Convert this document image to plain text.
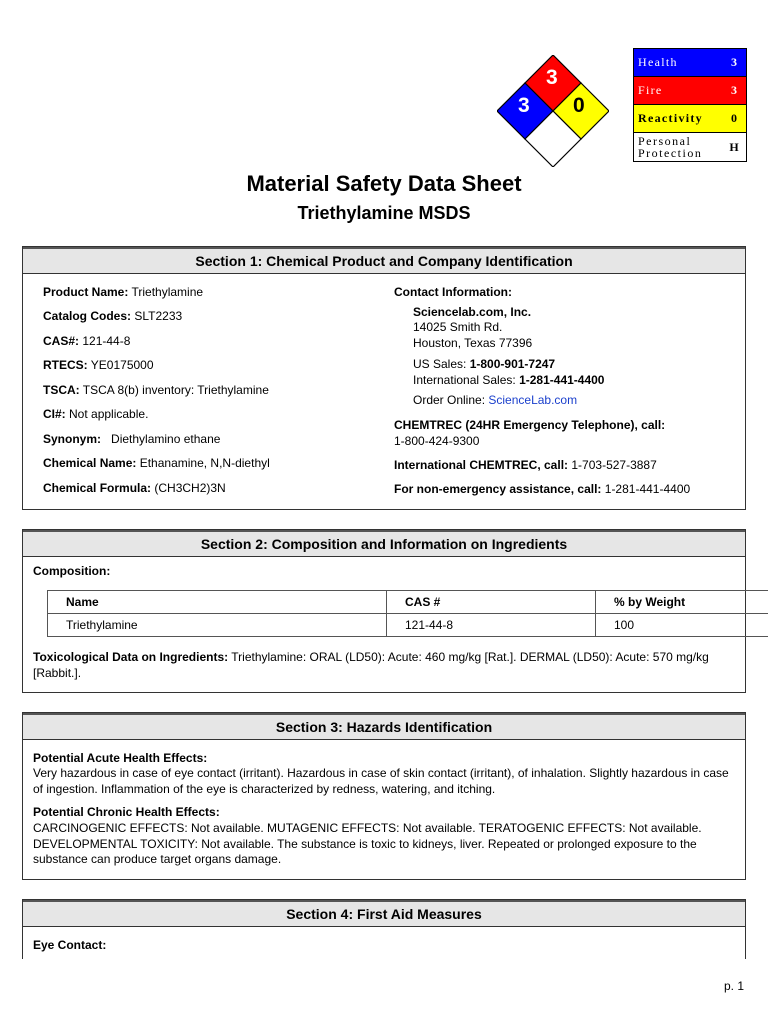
3
3 0
Health	3
Fire	3
Reactivity	0
Personal
Protection	H
Material Safety Data Sheet
Triethylamine MSDS
Section 1: Chemical Product and Company Identification
Product Name: Triethylamine
Catalog Codes: SLT2233
CAS#: 121-44-8
RTECS: YE0175000
TSCA: TSCA 8(b) inventory: Triethylamine
CI#: Not applicable.
Synonym: Diethylamino ethane
Chemical Name: Ethanamine, N,N-diethyl
Chemical Formula: (CH3CH2)3N
Contact Information:
Sciencelab.com, Inc.
14025 Smith Rd.
Houston, Texas 77396
US Sales: 1-800-901-7247
International Sales: 1-281-441-4400
Order Online: ScienceLab.com
CHEMTREC (24HR Emergency Telephone), call:
1-800-424-9300
International CHEMTREC, call: 1-703-527-3887
For non-emergency assistance, call: 1-281-441-4400
Section 2: Composition and Information on Ingredients
Composition:
Name	CAS #	% by Weight
Triethylamine	121-44-8	100
Toxicological Data on Ingredients: Triethylamine: ORAL (LD50): Acute: 460 mg/kg [Rat.]. DERMAL (LD50): Acute: 570 mg/kg [Rabbit.].
Section 3: Hazards Identification
Potential Acute Health Effects:
Very hazardous in case of eye contact (irritant). Hazardous in case of skin contact (irritant), of inhalation. Slightly hazardous in case of ingestion. Inflammation of the eye is characterized by redness, watering, and itching.
Potential Chronic Health Effects:
CARCINOGENIC EFFECTS: Not available. MUTAGENIC EFFECTS: Not available. TERATOGENIC EFFECTS: Not available. DEVELOPMENTAL TOXICITY: Not available. The substance is toxic to kidneys, liver. Repeated or prolonged exposure to the substance can produce target organs damage.
Section 4: First Aid Measures
Eye Contact:
p. 1
